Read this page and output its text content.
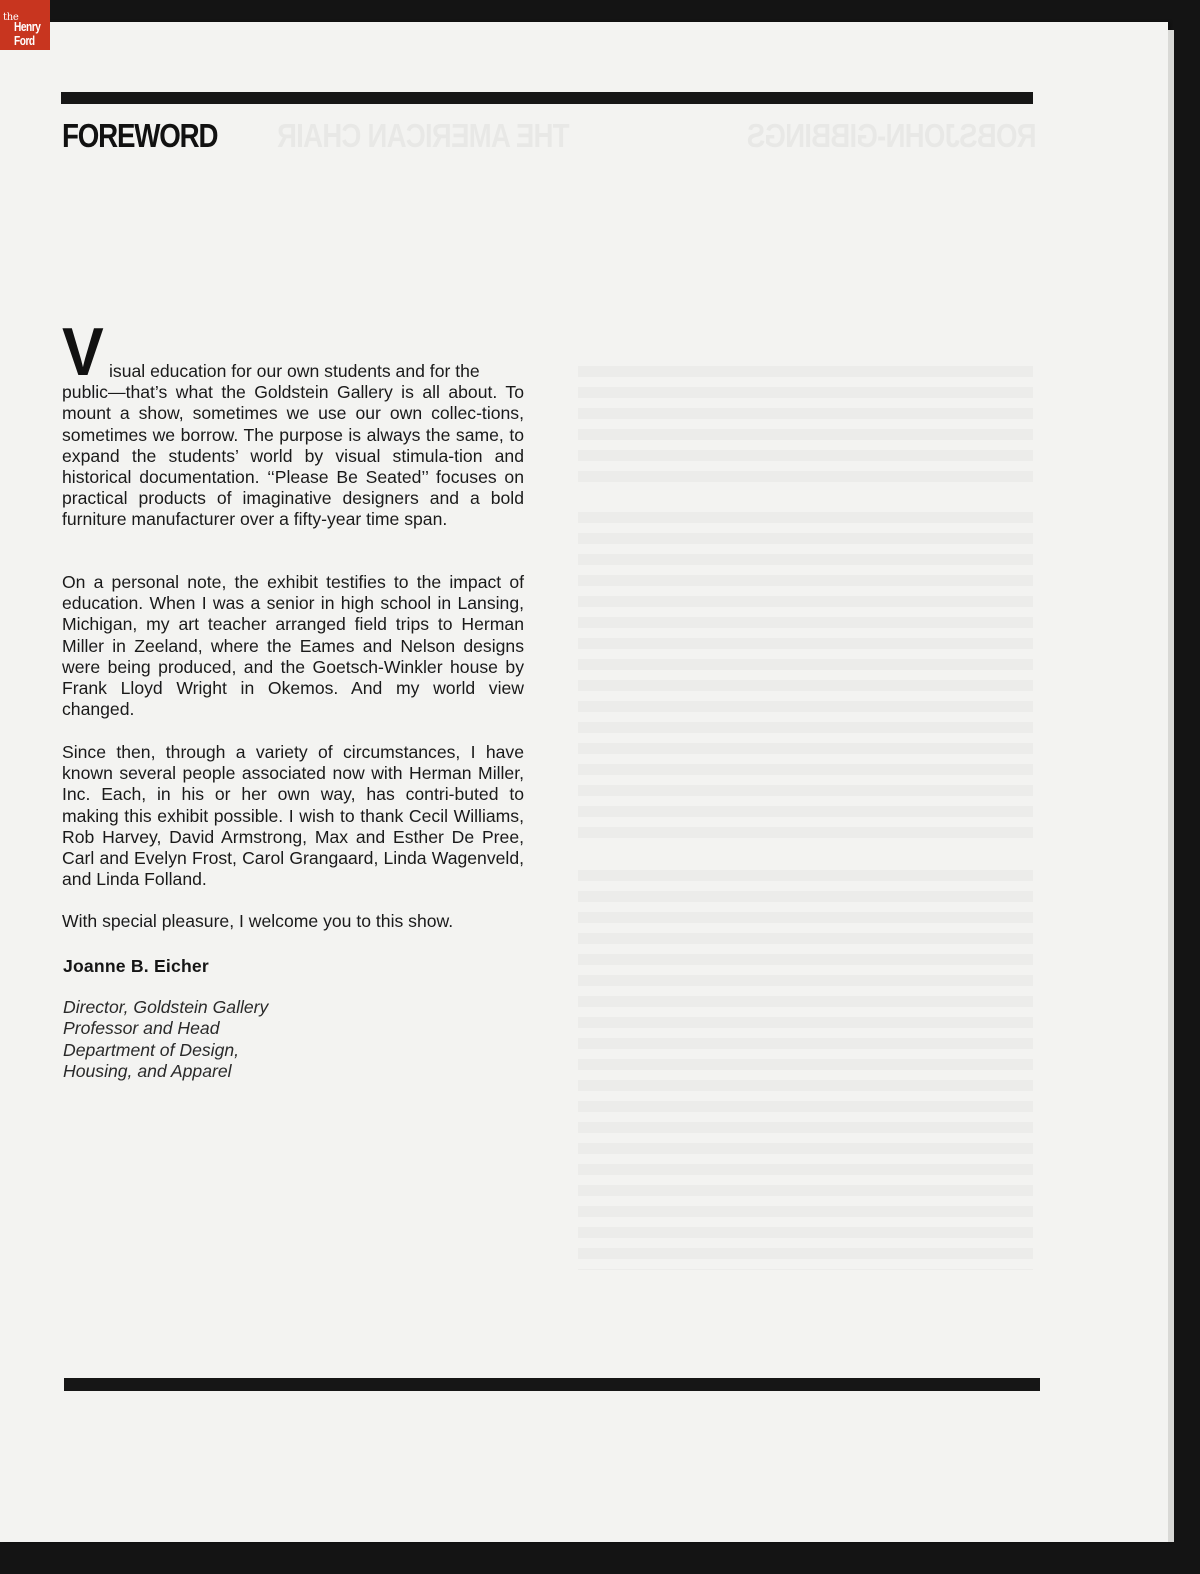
the
Henry
Ford
FOREWORD
V isual education for our own students and for the
public—that’s what the Goldstein Gallery is all about. To mount a show, sometimes we use our own collec-tions, sometimes we borrow. The purpose is always the same, to expand the students’ world by visual stimula-tion and historical documentation. ‘‘Please Be Seated’’ focuses on practical products of imaginative designers and a bold furniture manufacturer over a fifty-year time span.

On a personal note, the exhibit testifies to the impact of education. When I was a senior in high school in Lansing, Michigan, my art teacher arranged field trips to Herman Miller in Zeeland, where the Eames and Nelson designs were being produced, and the Goetsch-Winkler house by Frank Lloyd Wright in Okemos. And my world view changed.

Since then, through a variety of circumstances, I have known several people associated now with Herman Miller, Inc. Each, in his or her own way, has contri-buted to making this exhibit possible. I wish to thank Cecil Williams, Rob Harvey, David Armstrong, Max and Esther De Pree, Carl and Evelyn Frost, Carol Grangaard, Linda Wagenveld, and Linda Folland.

With special pleasure, I welcome you to this show.

Joanne B. Eicher
Director, Goldstein Gallery
Professor and Head
Department of Design,
Housing, and Apparel
